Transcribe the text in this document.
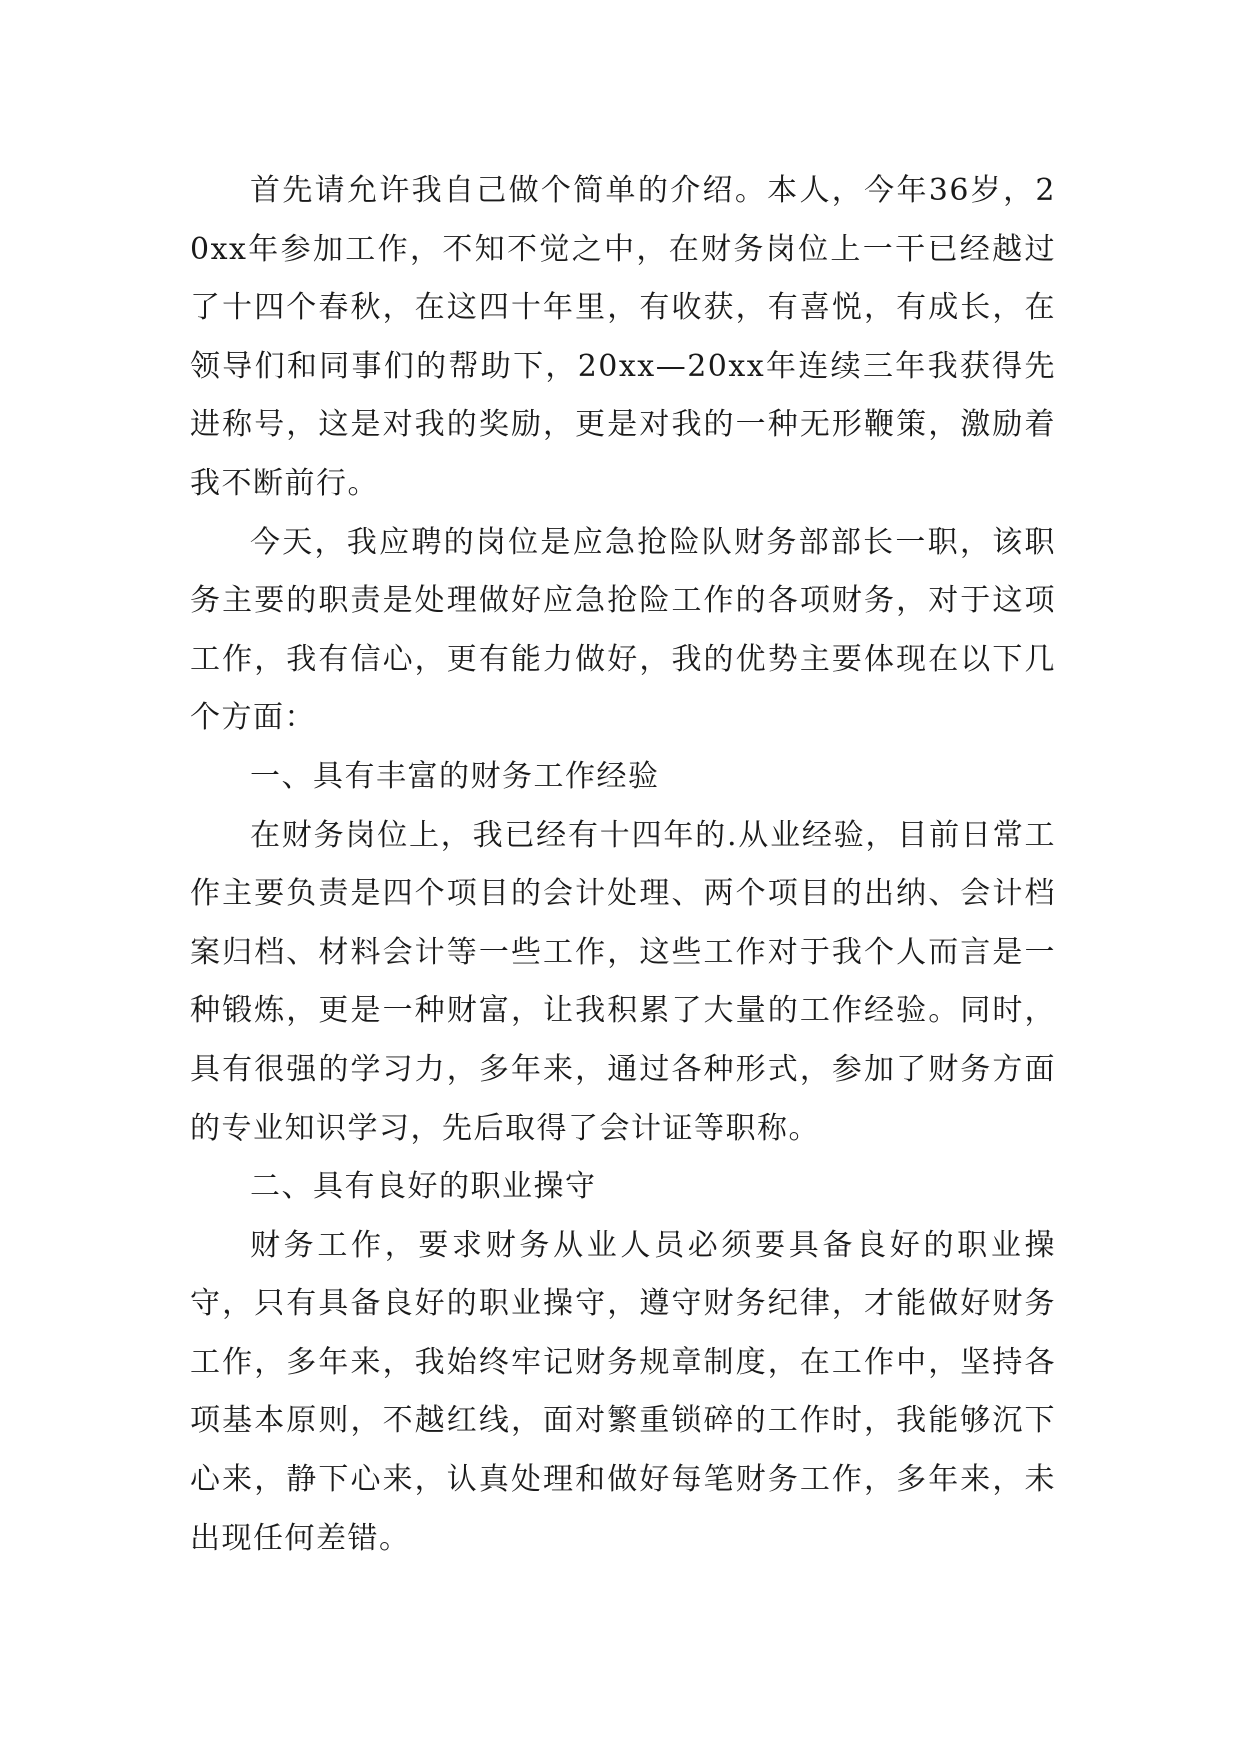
首先请允许我自己做个简单的介绍。本人，今年36岁，20xx年参加工作，不知不觉之中，在财务岗位上一干已经越过了十四个春秋，在这四十年里，有收获，有喜悦，有成长，在领导们和同事们的帮助下，20xx—20xx年连续三年我获得先进称号，这是对我的奖励，更是对我的一种无形鞭策，激励着我不断前行。

今天，我应聘的岗位是应急抢险队财务部部长一职，该职务主要的职责是处理做好应急抢险工作的各项财务，对于这项工作，我有信心，更有能力做好，我的优势主要体现在以下几个方面：

一、具有丰富的财务工作经验

在财务岗位上，我已经有十四年的.从业经验，目前日常工作主要负责是四个项目的会计处理、两个项目的出纳、会计档案归档、材料会计等一些工作，这些工作对于我个人而言是一种锻炼，更是一种财富，让我积累了大量的工作经验。同时，具有很强的学习力，多年来，通过各种形式，参加了财务方面的专业知识学习，先后取得了会计证等职称。

二、具有良好的职业操守

财务工作，要求财务从业人员必须要具备良好的职业操守，只有具备良好的职业操守，遵守财务纪律，才能做好财务工作，多年来，我始终牢记财务规章制度，在工作中，坚持各项基本原则，不越红线，面对繁重锁碎的工作时，我能够沉下心来，静下心来，认真处理和做好每笔财务工作，多年来，未出现任何差错。
